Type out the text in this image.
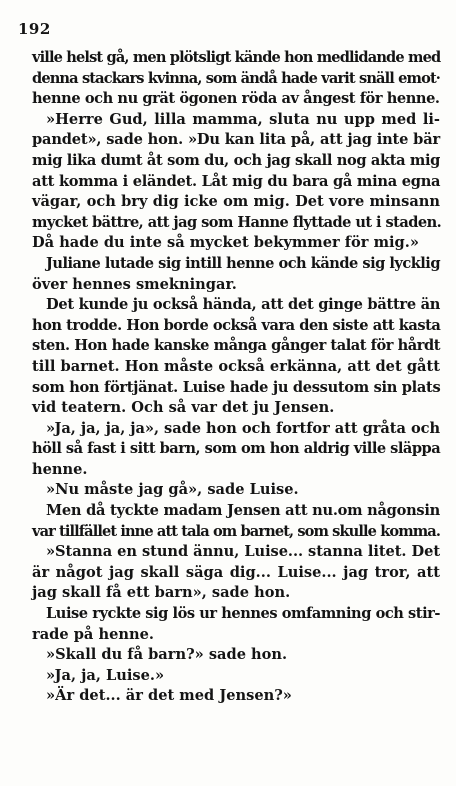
192
ville helst gå, men plötsligt kände hon medlidande med
denna stackars kvinna, som ändå hade varit snäll emot·
henne och nu grät ögonen röda av ångest för henne.
»Herre Gud, lilla mamma, sluta nu upp med li-
pandet», sade hon. »Du kan lita på, att jag inte bär
mig lika dumt åt som du, och jag skall nog akta mig
att komma i eländet. Låt mig du bara gå mina egna
vägar, och bry dig icke om mig. Det vore minsann
mycket bättre, att jag som Hanne flyttade ut i staden.
Då hade du inte så mycket bekymmer för mig.»
Juliane lutade sig intill henne och kände sig lycklig
över hennes smekningar.
Det kunde ju också hända, att det ginge bättre än
hon trodde. Hon borde också vara den siste att kasta
sten. Hon hade kanske många gånger talat för hårdt
till barnet. Hon måste också erkänna, att det gått
som hon förtjänat. Luise hade ju dessutom sin plats
vid teatern. Och så var det ju Jensen.
»Ja, ja, ja, ja», sade hon och fortfor att gråta och
höll så fast i sitt barn, som om hon aldrig ville släppa
henne.
»Nu måste jag gå», sade Luise.
Men då tyckte madam Jensen att nu.om någonsin
var tillfället inne att tala om barnet, som skulle komma.
»Stanna en stund ännu, Luise... stanna litet. Det
är något jag skall säga dig... Luise... jag tror, att
jag skall få ett barn», sade hon.
Luise ryckte sig lös ur hennes omfamning och stir-
rade på henne.
»Skall du få barn?» sade hon.
»Ja, ja, Luise.»
»Är det... är det med Jensen?»
